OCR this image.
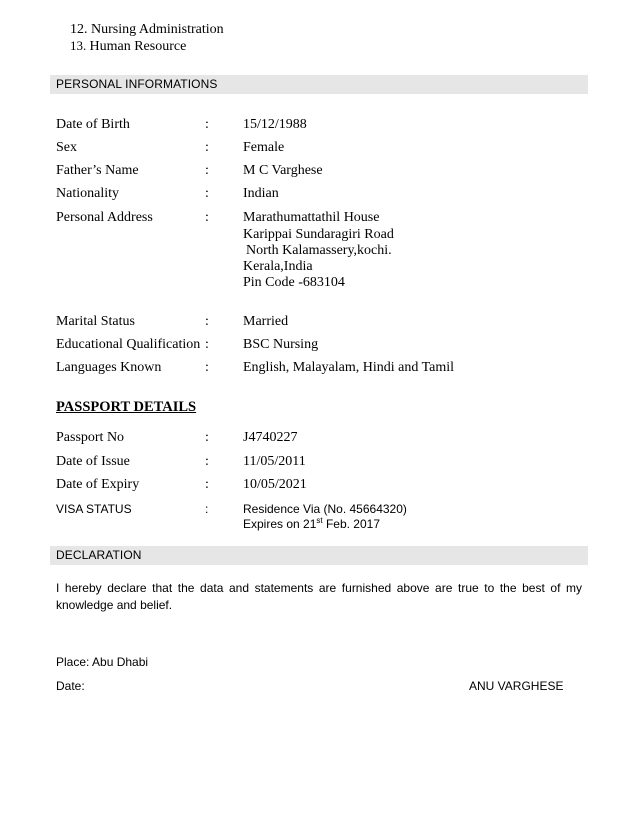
12. Nursing Administration
13. Human Resource
PERSONAL INFORMATIONS
Date of Birth	: 15/12/1988
Sex	: Female
Father’s Name	: M C Varghese
Nationality	: Indian
Personal Address	: Marathumattathil House
Karippai Sundaragiri Road
North Kalamassery,kochi.
Kerala,India
Pin Code -683104
Marital Status	: Married
Educational Qualification : BSC Nursing
Languages Known	: English, Malayalam, Hindi and Tamil
PASSPORT DETAILS
Passport No	: J4740227
Date of Issue	: 11/05/2011
Date of Expiry	: 10/05/2021
VISA STATUS	:	Residence Via (No. 45664320)
Expires on 21st Feb. 2017
DECLARATION
I hereby declare that the data and statements are furnished above are true to the best of my knowledge and belief.
Place: Abu Dhabi
Date:	ANU VARGHESE
